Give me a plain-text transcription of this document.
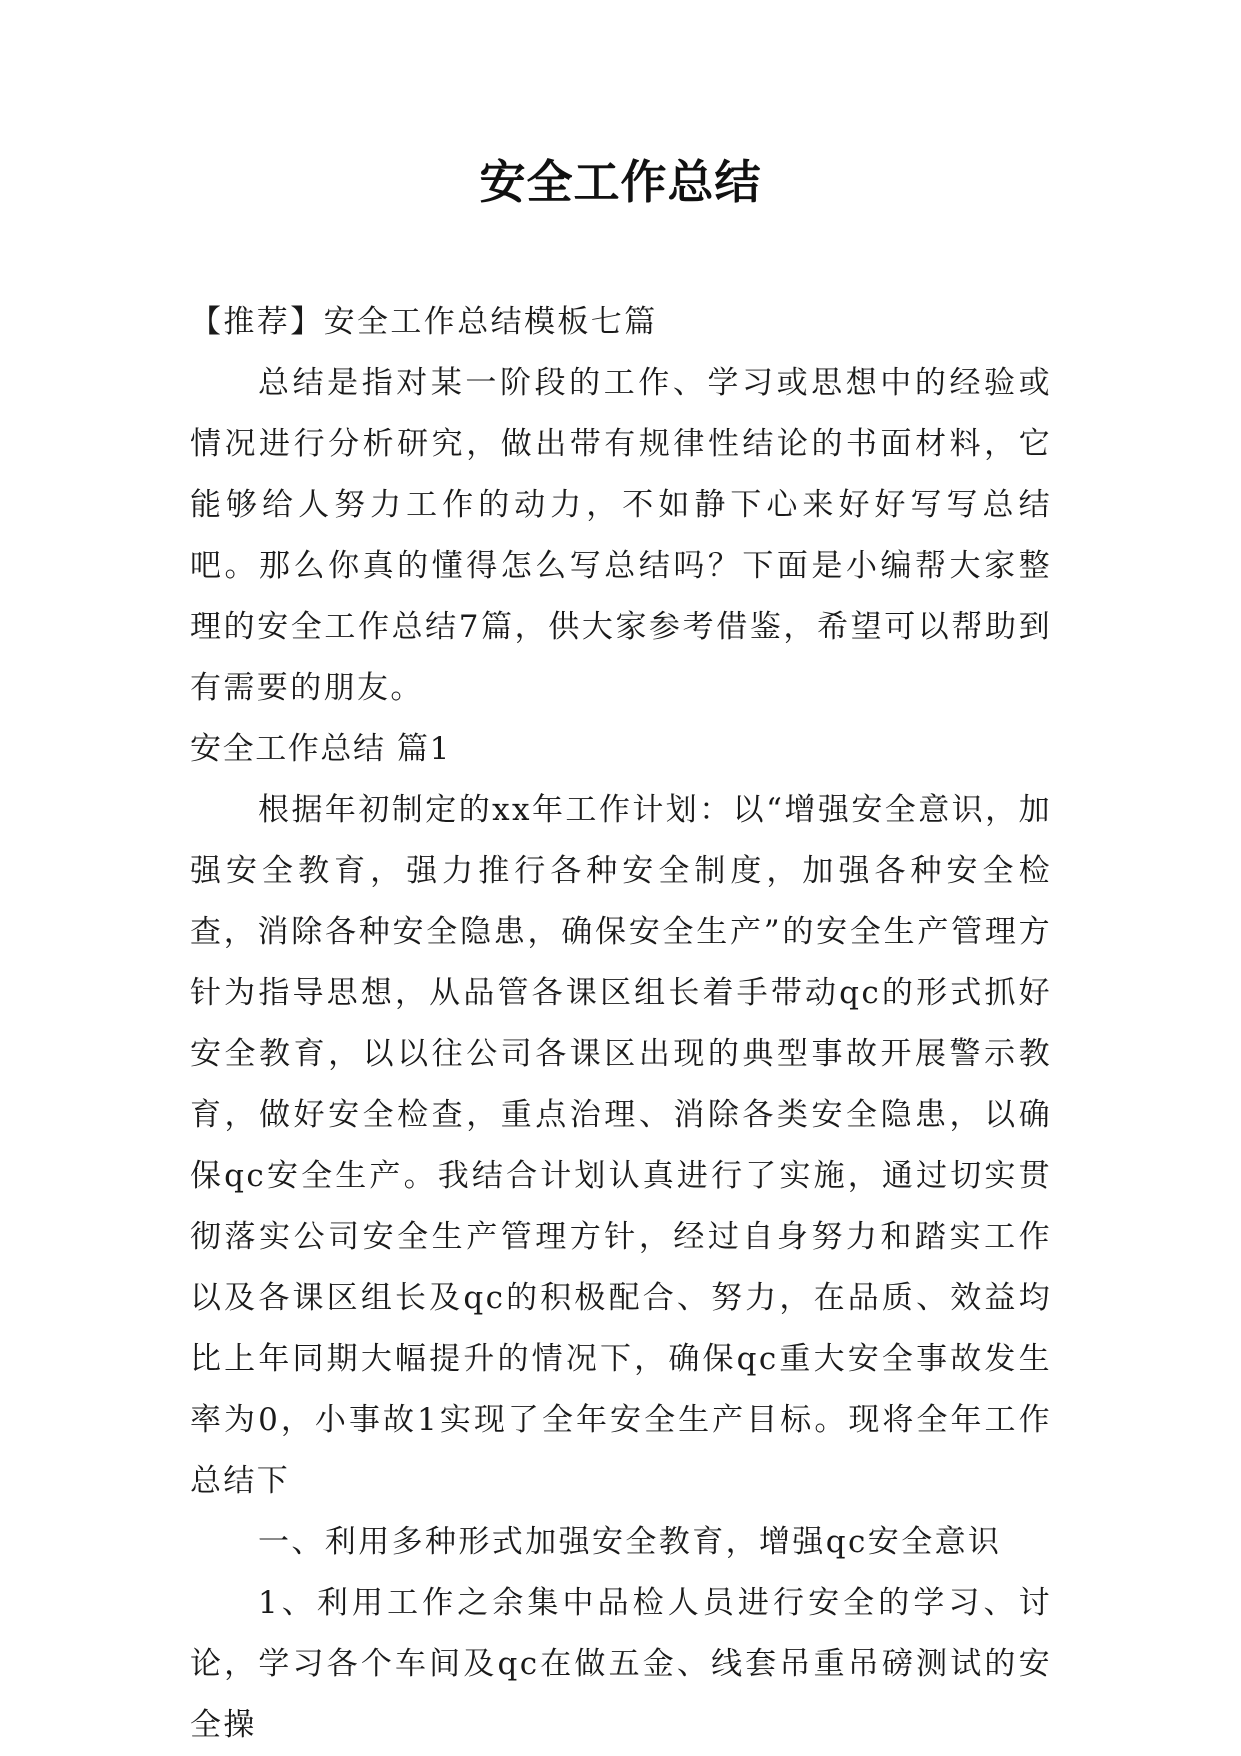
安全工作总结

【推荐】安全工作总结模板七篇

总结是指对某一阶段的工作、学习或思想中的经验或情况进行分析研究，做出带有规律性结论的书面材料，它能够给人努力工作的动力，不如静下心来好好写写总结吧。那么你真的懂得怎么写总结吗？下面是小编帮大家整理的安全工作总结7篇，供大家参考借鉴，希望可以帮助到有需要的朋友。

安全工作总结 篇1

根据年初制定的xx年工作计划：以“增强安全意识，加强安全教育，强力推行各种安全制度，加强各种安全检查，消除各种安全隐患，确保安全生产”的安全生产管理方针为指导思想，从品管各课区组长着手带动qc的形式抓好安全教育，以以往公司各课区出现的典型事故开展警示教育，做好安全检查，重点治理、消除各类安全隐患，以确保qc安全生产。我结合计划认真进行了实施，通过切实贯彻落实公司安全生产管理方针，经过自身努力和踏实工作以及各课区组长及qc的积极配合、努力，在品质、效益均比上年同期大幅提升的情况下，确保qc重大安全事故发生率为0，小事故1实现了全年安全生产目标。现将全年工作总结下

一、利用多种形式加强安全教育，增强qc安全意识

1、利用工作之余集中品检人员进行安全的学习、讨论，学习各个车间及qc在做五金、线套吊重吊磅测试的安全操
